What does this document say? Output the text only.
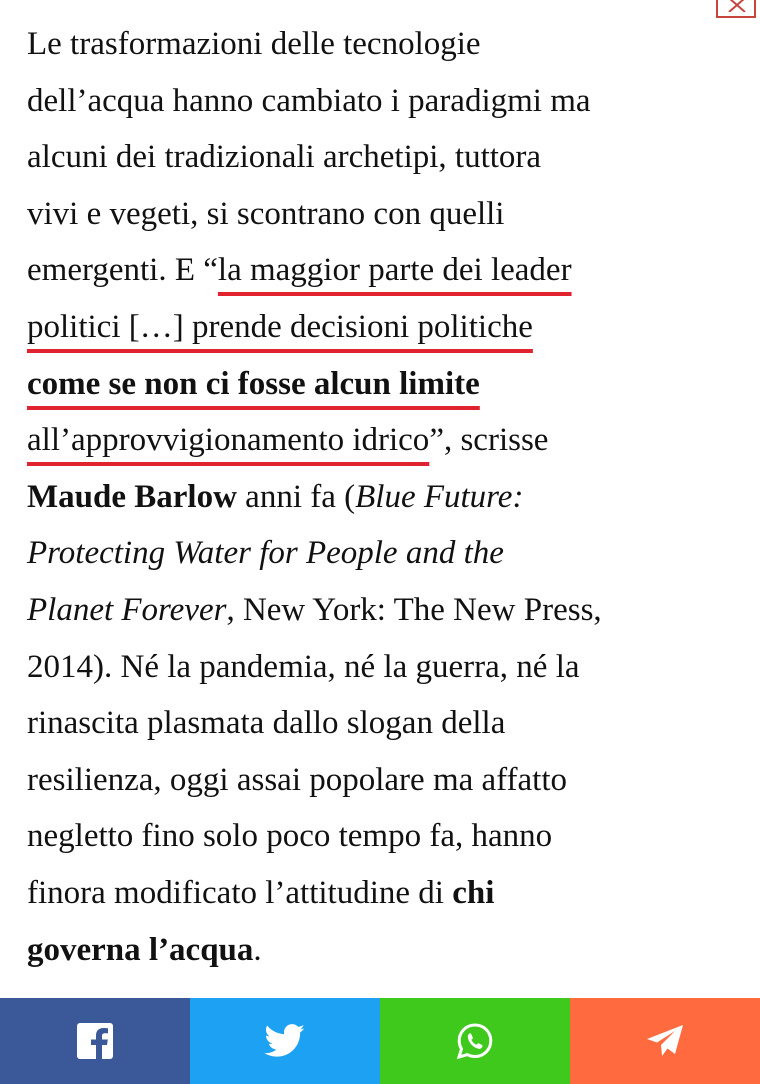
Le trasformazioni delle tecnologie
dell’acqua hanno cambiato i paradigmi ma
alcuni dei tradizionali archetipi, tuttora
vivi e vegeti, si scontrano con quelli
emergenti. E “la maggior parte dei leader
politici […] prende decisioni politiche
come se non ci fosse alcun limite
all’approvvigionamento idrico”, scrisse
Maude Barlow anni fa (Blue Future:
Protecting Water for People and the
Planet Forever, New York: The New Press,
2014). Né la pandemia, né la guerra, né la
rinascita plasmata dallo slogan della
resilienza, oggi assai popolare ma affatto
negletto fino solo poco tempo fa, hanno
finora modificato l’attitudine di chi
governa l’acqua.
